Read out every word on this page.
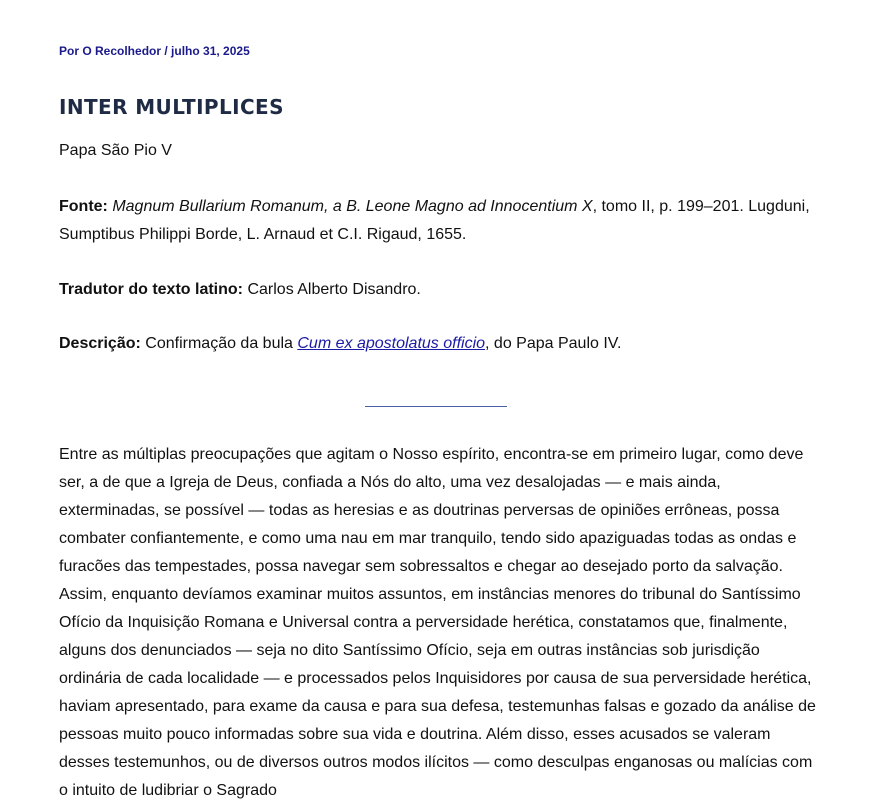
Por O Recolhedor / julho 31, 2025
INTER MULTIPLICES

Papa São Pio V

Fonte: Magnum Bullarium Romanum, a B. Leone Magno ad Innocentium X, tomo II, p. 199–201. Lugduni, Sumptibus Philippi Borde, L. Arnaud et C.I. Rigaud, 1655.

Tradutor do texto latino: Carlos Alberto Disandro.

Descrição: Confirmação da bula Cum ex apostolatus officio, do Papa Paulo IV.

Entre as múltiplas preocupações que agitam o Nosso espírito, encontra-se em primeiro lugar, como deve ser, a de que a Igreja de Deus, confiada a Nós do alto, uma vez desalojadas — e mais ainda, exterminadas, se possível — todas as heresias e as doutrinas perversas de opiniões errôneas, possa combater confiantemente, e como uma nau em mar tranquilo, tendo sido apaziguadas todas as ondas e furacões das tempestades, possa navegar sem sobressaltos e chegar ao desejado porto da salvação. Assim, enquanto devíamos examinar muitos assuntos, em instâncias menores do tribunal do Santíssimo Ofício da Inquisição Romana e Universal contra a perversidade herética, constatamos que, finalmente, alguns dos denunciados — seja no dito Santíssimo Ofício, seja em outras instâncias sob jurisdição ordinária de cada localidade — e processados pelos Inquisidores por causa de sua perversidade herética, haviam apresentado, para exame da causa e para sua defesa, testemunhas falsas e gozado da análise de pessoas muito pouco informadas sobre sua vida e doutrina. Além disso, esses acusados se valeram desses testemunhos, ou de diversos outros modos ilícitos — como desculpas enganosas ou malícias com o intuito de ludibriar o Sagrado
